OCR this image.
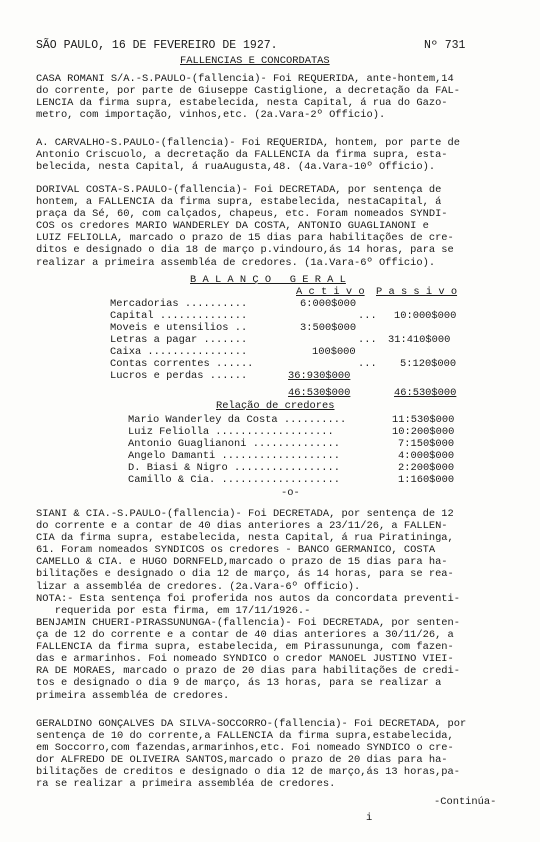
SÃO PAULO, 16 DE FEVEREIRO DE 1927.	Nº 731
FALLENCIAS E CONCORDATAS

CASA ROMANI S/A.-S.PAULO-(fallencia)- Foi REQUERIDA, ante-hontem,14

do corrente, por parte de Giuseppe Castiglione, a decretação da FAL-

LENCIA da firma supra, estabelecida, nesta Capital, á rua do Gazo-

metro, com importação, vinhos,etc. (2a.Vara-2º Officio).

A. CARVALHO-S.PAULO-(fallencia)- Foi REQUERIDA, hontem, por parte de

Antonio Criscuolo, a decretação da FALLENCIA da firma supra, esta-

belecida, nesta Capital, á ruaAugusta,48. (4a.Vara-10º Officio).

DORIVAL COSTA-S.PAULO-(fallencia)- Foi DECRETADA, por sentença de

hontem, a FALLENCIA da firma supra, estabelecida, nestaCapital, á

praça da Sé, 60, com calçados, chapeus, etc. Foram nomeados SYNDI-

COS os credores MARIO WANDERLEY DA COSTA, ANTONIO GUAGLIANONI e

LUIZ FELIOLLA, marcado o prazo de 15 dias para habilitações de cre-

ditos e designado o dia 18 de março p.vindouro,ás 14 horas, para se

realizar a primeira assembléa de credores. (1a.Vara-6º Officio).

B A L A N Ç O   G E R A L
A c t i v o P a s s i v o
Mercadorias ..........	6:000$000
Capital ..............	... 10:000$000
Moveis e utensilios ..	3:500$000
Letras a pagar .......	... 31:410$000
Caixa ................	100$000
Contas correntes ......	... 5:120$000
Lucros e perdas ......	36:930$000
46:530$000	46:530$000
Relação de credores
Mario Wanderley da Costa ..........	11:530$000
Luiz Feliolla ...................	10:200$000
Antonio Guaglianoni ..............	7:150$000
Angelo Damanti ...................	4:000$000
D. Biasi & Nigro .................	2:200$000
Camillo & Cia. ...................	1:160$000
-o-

SIANI & CIA.-S.PAULO-(fallencia)- Foi DECRETADA, por sentença de 12

do corrente e a contar de 40 dias anteriores a 23/11/26, a FALLEN-

CIA da firma supra, estabelecida, nesta Capital, á rua Piratininga,

61. Foram nomeados SYNDICOS os credores - BANCO GERMANICO, COSTA

CAMELLO & CIA. e HUGO DORNFELD,marcado o prazo de 15 dias para ha-

bilitações e designado o dia 12 de março, ás 14 horas, para se rea-

lizar a assembléa de credores. (2a.Vara-6º Officio).

NOTA:- Esta sentença foi proferida nos autos da concordata preventi-

requerida por esta firma, em 17/11/1926.-

BENJAMIN CHUERI-PIRASSUNUNGA-(fallencia)- Foi DECRETADA, por senten-

ça de 12 do corrente e a contar de 40 dias anteriores a 30/11/26, a

FALLENCIA da firma supra, estabelecida, em Pirassununga, com fazen-

das e armarinhos. Foi nomeado SYNDICO o credor MANOEL JUSTINO VIEI-

RA DE MORAES, marcado o prazo de 20 dias para habilitações de credi-

tos e designado o dia 9 de março, ás 13 horas, para se realizar a

primeira assembléa de credores.

GERALDINO GONÇALVES DA SILVA-SOCCORRO-(fallencia)- Foi DECRETADA, por

sentença de 10 do corrente,a FALLENCIA da firma supra,estabelecida,

em Soccorro,com fazendas,armarinhos,etc. Foi nomeado SYNDICO o cre-

dor ALFREDO DE OLIVEIRA SANTOS,marcado o prazo de 20 dias para ha-

bilitações de creditos e designado o dia 12 de março,ás 13 horas,pa-

ra se realizar a primeira assembléa de credores.

-Continúa-
i
